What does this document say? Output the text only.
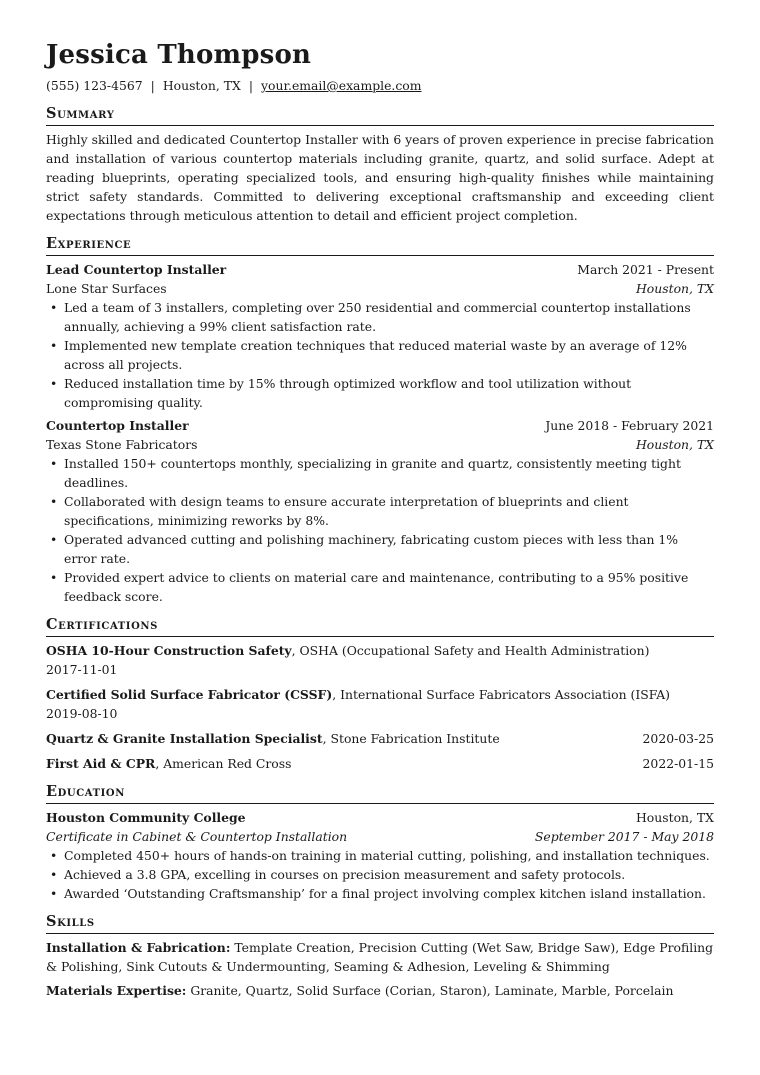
Jessica Thompson
(555) 123-4567 | Houston, TX | your.email@example.com
Summary
Highly skilled and dedicated Countertop Installer with 6 years of proven experience in precise fabrication and installation of various countertop materials including granite, quartz, and solid surface. Adept at reading blueprints, operating specialized tools, and ensuring high-quality finishes while maintaining strict safety standards. Committed to delivering exceptional craftsmanship and exceeding client expectations through meticulous attention to detail and efficient project completion.
Experience
Lead Countertop Installer	March 2021 - Present
Lone Star Surfaces	Houston, TX
• Led a team of 3 installers, completing over 250 residential and commercial countertop installations annually, achieving a 99% client satisfaction rate.
• Implemented new template creation techniques that reduced material waste by an average of 12% across all projects.
• Reduced installation time by 15% through optimized workflow and tool utilization without compromising quality.
Countertop Installer	June 2018 - February 2021
Texas Stone Fabricators	Houston, TX
• Installed 150+ countertops monthly, specializing in granite and quartz, consistently meeting tight deadlines.
• Collaborated with design teams to ensure accurate interpretation of blueprints and client specifications, minimizing reworks by 8%.
• Operated advanced cutting and polishing machinery, fabricating custom pieces with less than 1% error rate.
• Provided expert advice to clients on material care and maintenance, contributing to a 95% positive feedback score.
Certifications
OSHA 10-Hour Construction Safety, OSHA (Occupational Safety and Health Administration)
2017-11-01
Certified Solid Surface Fabricator (CSSF), International Surface Fabricators Association (ISFA)
2019-08-10
Quartz & Granite Installation Specialist, Stone Fabrication Institute	2020-03-25
First Aid & CPR, American Red Cross	2022-01-15
Education
Houston Community College	Houston, TX
Certificate in Cabinet & Countertop Installation	September 2017 - May 2018
• Completed 450+ hours of hands-on training in material cutting, polishing, and installation techniques.
• Achieved a 3.8 GPA, excelling in courses on precision measurement and safety protocols.
• Awarded ‘Outstanding Craftsmanship’ for a final project involving complex kitchen island installation.
Skills
Installation & Fabrication: Template Creation, Precision Cutting (Wet Saw, Bridge Saw), Edge Profiling & Polishing, Sink Cutouts & Undermounting, Seaming & Adhesion, Leveling & Shimming
Materials Expertise: Granite, Quartz, Solid Surface (Corian, Staron), Laminate, Marble, Porcelain
